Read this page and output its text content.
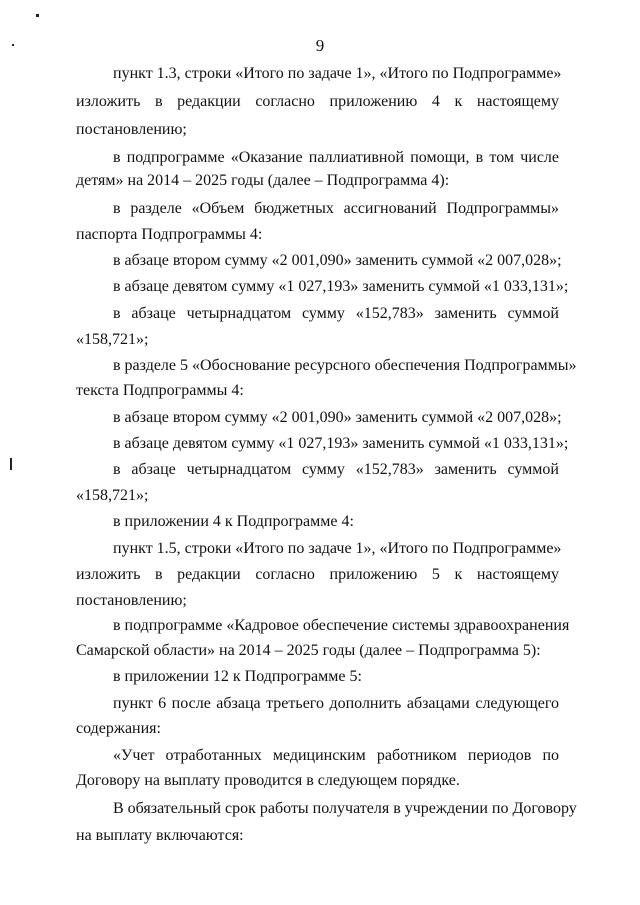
9
пункт 1.3, строки «Итого по задаче 1», «Итого по Подпрограмме»
изложить в редакции согласно приложению 4 к настоящему
постановлению;
в подпрограмме «Оказание паллиативной помощи, в том числе
детям» на 2014 – 2025 годы (далее – Подпрограмма 4):
в разделе «Объем бюджетных ассигнований Подпрограммы»
паспорта Подпрограммы 4:
в абзаце втором сумму «2 001,090» заменить суммой «2 007,028»;
в абзаце девятом сумму «1 027,193» заменить суммой «1 033,131»;
в абзаце четырнадцатом сумму «152,783» заменить суммой
«158,721»;
в разделе 5 «Обоснование ресурсного обеспечения Подпрограммы»
текста Подпрограммы 4:
в абзаце втором сумму «2 001,090» заменить суммой «2 007,028»;
в абзаце девятом сумму «1 027,193» заменить суммой «1 033,131»;
в абзаце четырнадцатом сумму «152,783» заменить суммой
«158,721»;
в приложении 4 к Подпрограмме 4:
пункт 1.5, строки «Итого по задаче 1», «Итого по Подпрограмме»
изложить в редакции согласно приложению 5 к настоящему
постановлению;
в подпрограмме «Кадровое обеспечение системы здравоохранения
Самарской области» на 2014 – 2025 годы (далее – Подпрограмма 5):
в приложении 12 к Подпрограмме 5:
пункт 6 после абзаца третьего дополнить абзацами следующего
содержания:
«Учет отработанных медицинским работником периодов по
Договору на выплату проводится в следующем порядке.
В обязательный срок работы получателя в учреждении по Договору
на выплату включаются:
